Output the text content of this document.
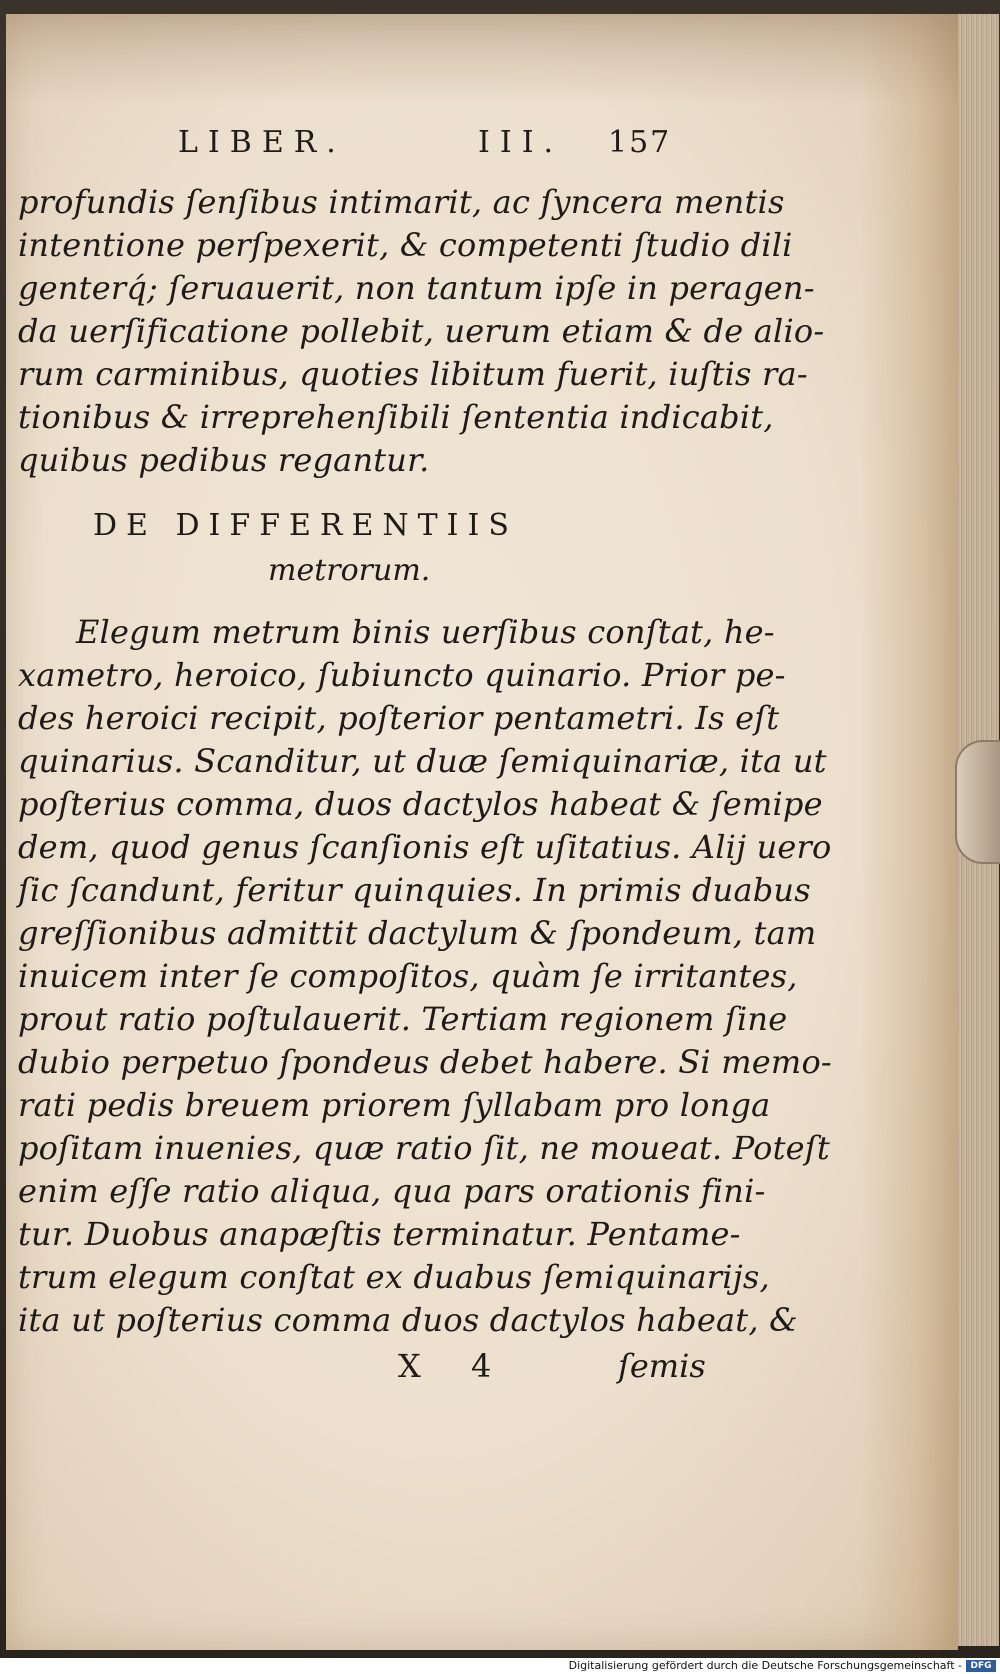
LIBER.	III. 157
profundis ſenſibus intimarit, ac ſyncera mentis
intentione perſpexerit, & competenti ſtudio dili
genterq́; ſeruauerit, non tantum ipſe in peragen-
da uerſificatione pollebit, uerum etiam & de alio-
rum carminibus, quoties libitum fuerit, iuſtis ra-
tionibus & irreprehenſibili ſententia indicabit,
quibus pedibus regantur.
DE DIFFERENTIIS
metrorum.
Elegum metrum binis uerſibus conſtat, he-
xametro, heroico, ſubiuncto quinario. Prior pe-
des heroici recipit, poſterior pentametri. Is eſt
quinarius. Scanditur, ut duæ ſemiquinariæ, ita ut
poſterius comma, duos dactylos habeat & ſemipe
dem, quod genus ſcanſionis eſt uſitatius. Alij uero
ſic ſcandunt, feritur quinquies. In primis duabus
greſſionibus admittit dactylum & ſpondeum, tam
inuicem inter ſe compoſitos, quàm ſe irritantes,
prout ratio poſtulauerit. Tertiam regionem ſine
dubio perpetuo ſpondeus debet habere. Si memo-
rati pedis breuem priorem ſyllabam pro longa
poſitam inuenies, quæ ratio ſit, ne moueat. Poteſt
enim eſſe ratio aliqua, qua pars orationis fini-
tur. Duobus anapæſtis terminatur. Pentame-
trum elegum conſtat ex duabus ſemiquinarijs,
ita ut poſterius comma duos dactylos habeat, &
X 4	ſemis
Digitalisierung gefördert durch die Deutsche Forschungsgemeinschaft - DFG
